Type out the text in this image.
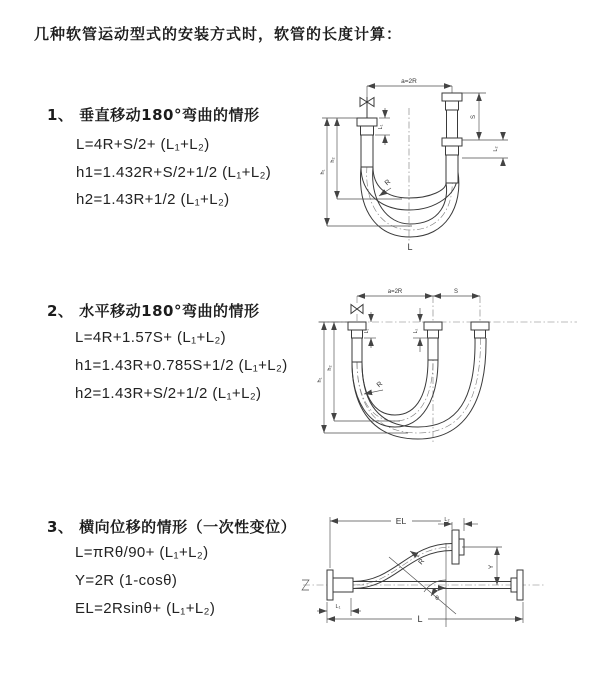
几种软管运动型式的安装方式时，软管的长度计算：
1、 垂直移动180°弯曲的情形
L=4R+S/2+ (L₁+L₂)
h1=1.432R+S/2+1/2 (L₁+L₂)
h2=1.43R+1/2 (L₁+L₂)
2、 水平移动180°弯曲的情形
L=4R+1.57S+ (L₁+L₂)
h1=1.43R+0.785S+1/2 (L₁+L₂)
h2=1.43R+S/2+1/2 (L₁+L₂)
3、 横向位移的情形（一次性变位）
L=πRθ/90+ (L₁+L₂)
Y=2R (1-cosθ)
EL=2Rsinθ+ (L₁+L₂)
a=2R
L₁
S
L₂
h₁
h₂
R
L
a=2R	S
L₁	L₂
h₁
h₂
R
EL	L₂
Y
θ
R
L₁
L
